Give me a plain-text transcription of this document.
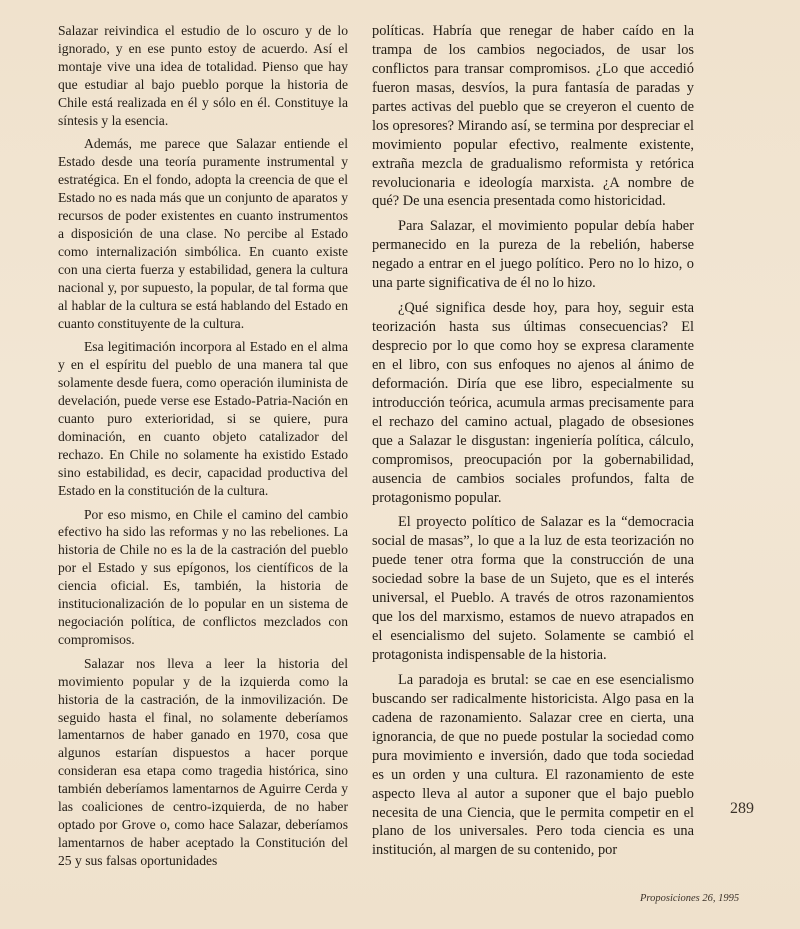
Salazar reivindica el estudio de lo oscuro y de lo ignorado, y en ese punto estoy de acuerdo. Así el montaje vive una idea de totalidad. Pienso que hay que estudiar al bajo pueblo porque la historia de Chile está realizada en él y sólo en él. Constituye la síntesis y la esencia.

Además, me parece que Salazar entiende el Estado desde una teoría puramente instrumental y estratégica. En el fondo, adopta la creencia de que el Estado no es nada más que un conjunto de aparatos y recursos de poder existentes en cuanto instrumentos a disposición de una clase. No percibe al Estado como internalización simbólica. En cuanto existe con una cierta fuerza y estabilidad, genera la cultura nacional y, por supuesto, la popular, de tal forma que al hablar de la cultura se está hablando del Estado en cuanto constituyente de la cultura.

Esa legitimación incorpora al Estado en el alma y en el espíritu del pueblo de una manera tal que solamente desde fuera, como operación iluminista de develación, puede verse ese Estado-Patria-Nación en cuanto puro exterioridad, si se quiere, pura dominación, en cuanto objeto catalizador del rechazo. En Chile no solamente ha existido Estado sino estabilidad, es decir, capacidad productiva del Estado en la constitución de la cultura.

Por eso mismo, en Chile el camino del cambio efectivo ha sido las reformas y no las rebeliones. La historia de Chile no es la de la castración del pueblo por el Estado y sus epígonos, los científicos de la ciencia oficial. Es, también, la historia de institucionalización de lo popular en un sistema de negociación política, de conflictos mezclados con compromisos.

Salazar nos lleva a leer la historia del movimiento popular y de la izquierda como la historia de la castración, de la inmovilización. De seguido hasta el final, no solamente deberíamos lamentarnos de haber ganado en 1970, cosa que algunos estarían dispuestos a hacer porque consideran esa etapa como tragedia histórica, sino también deberíamos lamentarnos de Aguirre Cerda y las coaliciones de centro-izquierda, de no haber optado por Grove o, como hace Salazar, deberíamos lamentarnos de haber aceptado la Constitución del 25 y sus falsas oportunidades

políticas. Habría que renegar de haber caído en la trampa de los cambios negociados, de usar los conflictos para transar compromisos. ¿Lo que accedió fueron masas, desvíos, la pura fantasía de paradas y partes activas del pueblo que se creyeron el cuento de los opresores? Mirando así, se termina por despreciar el movimiento popular efectivo, realmente existente, extraña mezcla de gradualismo reformista y retórica revolucionaria e ideología marxista. ¿A nombre de qué? De una esencia presentada como historicidad.

Para Salazar, el movimiento popular debía haber permanecido en la pureza de la rebelión, haberse negado a entrar en el juego político. Pero no lo hizo, o una parte significativa de él no lo hizo.

¿Qué significa desde hoy, para hoy, seguir esta teorización hasta sus últimas consecuencias? El desprecio por lo que como hoy se expresa claramente en el libro, con sus enfoques no ajenos al ánimo de deformación. Diría que ese libro, especialmente su introducción teórica, acumula armas precisamente para el rechazo del camino actual, plagado de obsesiones que a Salazar le disgustan: ingeniería política, cálculo, compromisos, preocupación por la gobernabilidad, ausencia de cambios sociales profundos, falta de protagonismo popular.

El proyecto político de Salazar es la “democracia social de masas”, lo que a la luz de esta teorización no puede tener otra forma que la construcción de una sociedad sobre la base de un Sujeto, que es el interés universal, el Pueblo. A través de otros razonamientos que los del marxismo, estamos de nuevo atrapados en el esencialismo del sujeto. Solamente se cambió el protagonista indispensable de la historia.

La paradoja es brutal: se cae en ese esencialismo buscando ser radicalmente historicista. Algo pasa en la cadena de razonamiento. Salazar cree en cierta, una ignorancia, de que no puede postular la sociedad como pura movimiento e inversión, dado que toda sociedad es un orden y una cultura. El razonamiento de este aspecto lleva al autor a suponer que el bajo pueblo necesita de una Ciencia, que le permita competir en el plano de los universales. Pero toda ciencia es una institución, al margen de su contenido, por

289
Proposiciones 26, 1995
